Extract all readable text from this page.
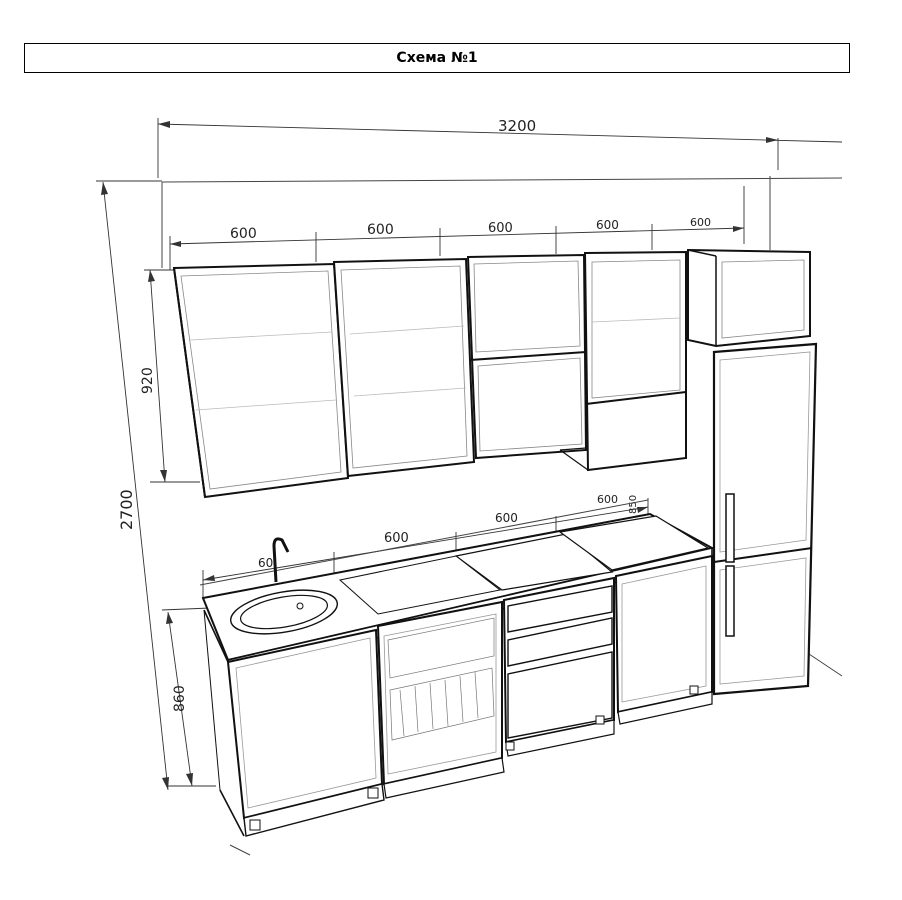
Схема №1
3200
2700
600	600	600	600	600
920
60
600
600
600 850
860
